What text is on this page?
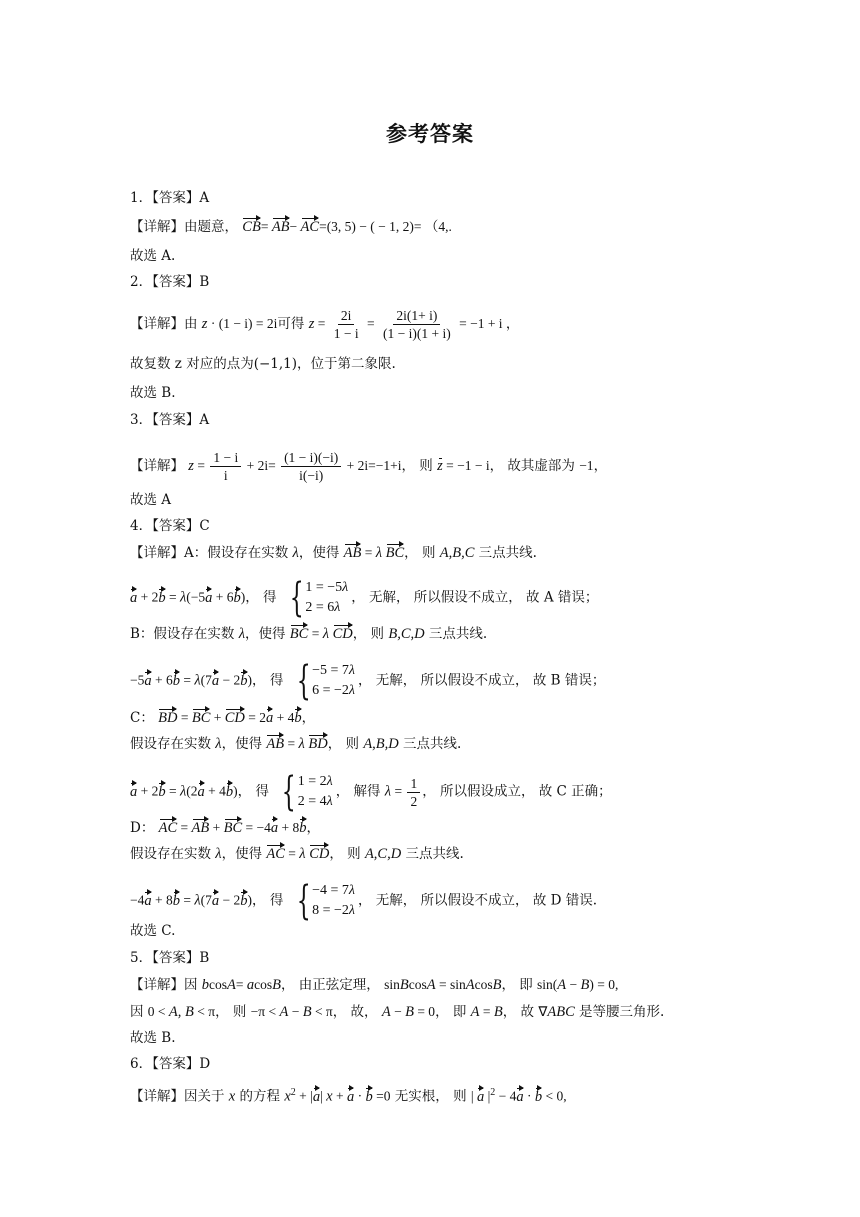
参考答案
1．【答案】A
【详解】由题意， CB= AB− AC=(3, 5) − ( − 1, 2)= （4,.
故选 A.
2．【答案】B
【详解】由 z · (1 − i) = 2i可得 $z = \frac{2i}{1 - i} = \frac{2i(1+ i)}{(1 - i)(1 + i)} = -1 + i$ ，
故复数 z 对应的点为(−1,1)，位于第二象限.
故选 B.
3．【答案】A
【详解】 $z = \frac{1 - i}{i} + 2i= \frac{(1 - i)(-i)}{i(-i)} + 2i=-1+i$， 则 z = −1 − i， 故其虚部为 −1，
故选 A
4．【答案】C
【详解】A：假设存在实数 λ，使得 AB = λ BC， 则 A,B,C 三点共线.
a + 2b = λ(−5a + 6b)， 得 { 1 = −5λ
2 = 6λ
， 无解， 所以假设不成立， 故 A 错误；
B：假设存在实数 λ，使得 BC = λ CD， 则 B,C,D 三点共线.
−5a + 6b = λ(7a − 2b)， 得 { −5 = 7λ
6 = −2λ
， 无解， 所以假设不成立， 故 B 错误；
C： BD = BC + CD = 2a + 4b，
假设存在实数 λ，使得 AB = λ BD， 则 A,B,D 三点共线.
a + 2b = λ(2a + 4b)， 得 { 1 = 2λ
2 = 4λ
， 解得 $\lambda = \frac{1}{2}$ ， 所以假设成立， 故 C 正确；
D： AC = AB + BC = −4a + 8b，
假设存在实数 λ，使得 AC = λ CD， 则 A,C,D 三点共线.
−4a + 8b = λ(7a − 2b)， 得 { −4 = 7λ
8 = −2λ
， 无解， 所以假设不成立， 故 D 错误.
故选 C.
5．【答案】B
【详解】因 bcosA= acosB， 由正弦定理， sinBcosA = sinAcosB， 即 sin(A − B) = 0,
因 0 < A, B < π， 则 −π < A − B < π， 故， A − B = 0， 即 A = B， 故 ∇ABC 是等腰三角形.
故选 B.
6．【答案】D
【详解】因关于 x 的方程 $x^2 + |a|$ x + a · b =0 无实根， 则 | a $|^2 - 4a \cdot b < 0$,
